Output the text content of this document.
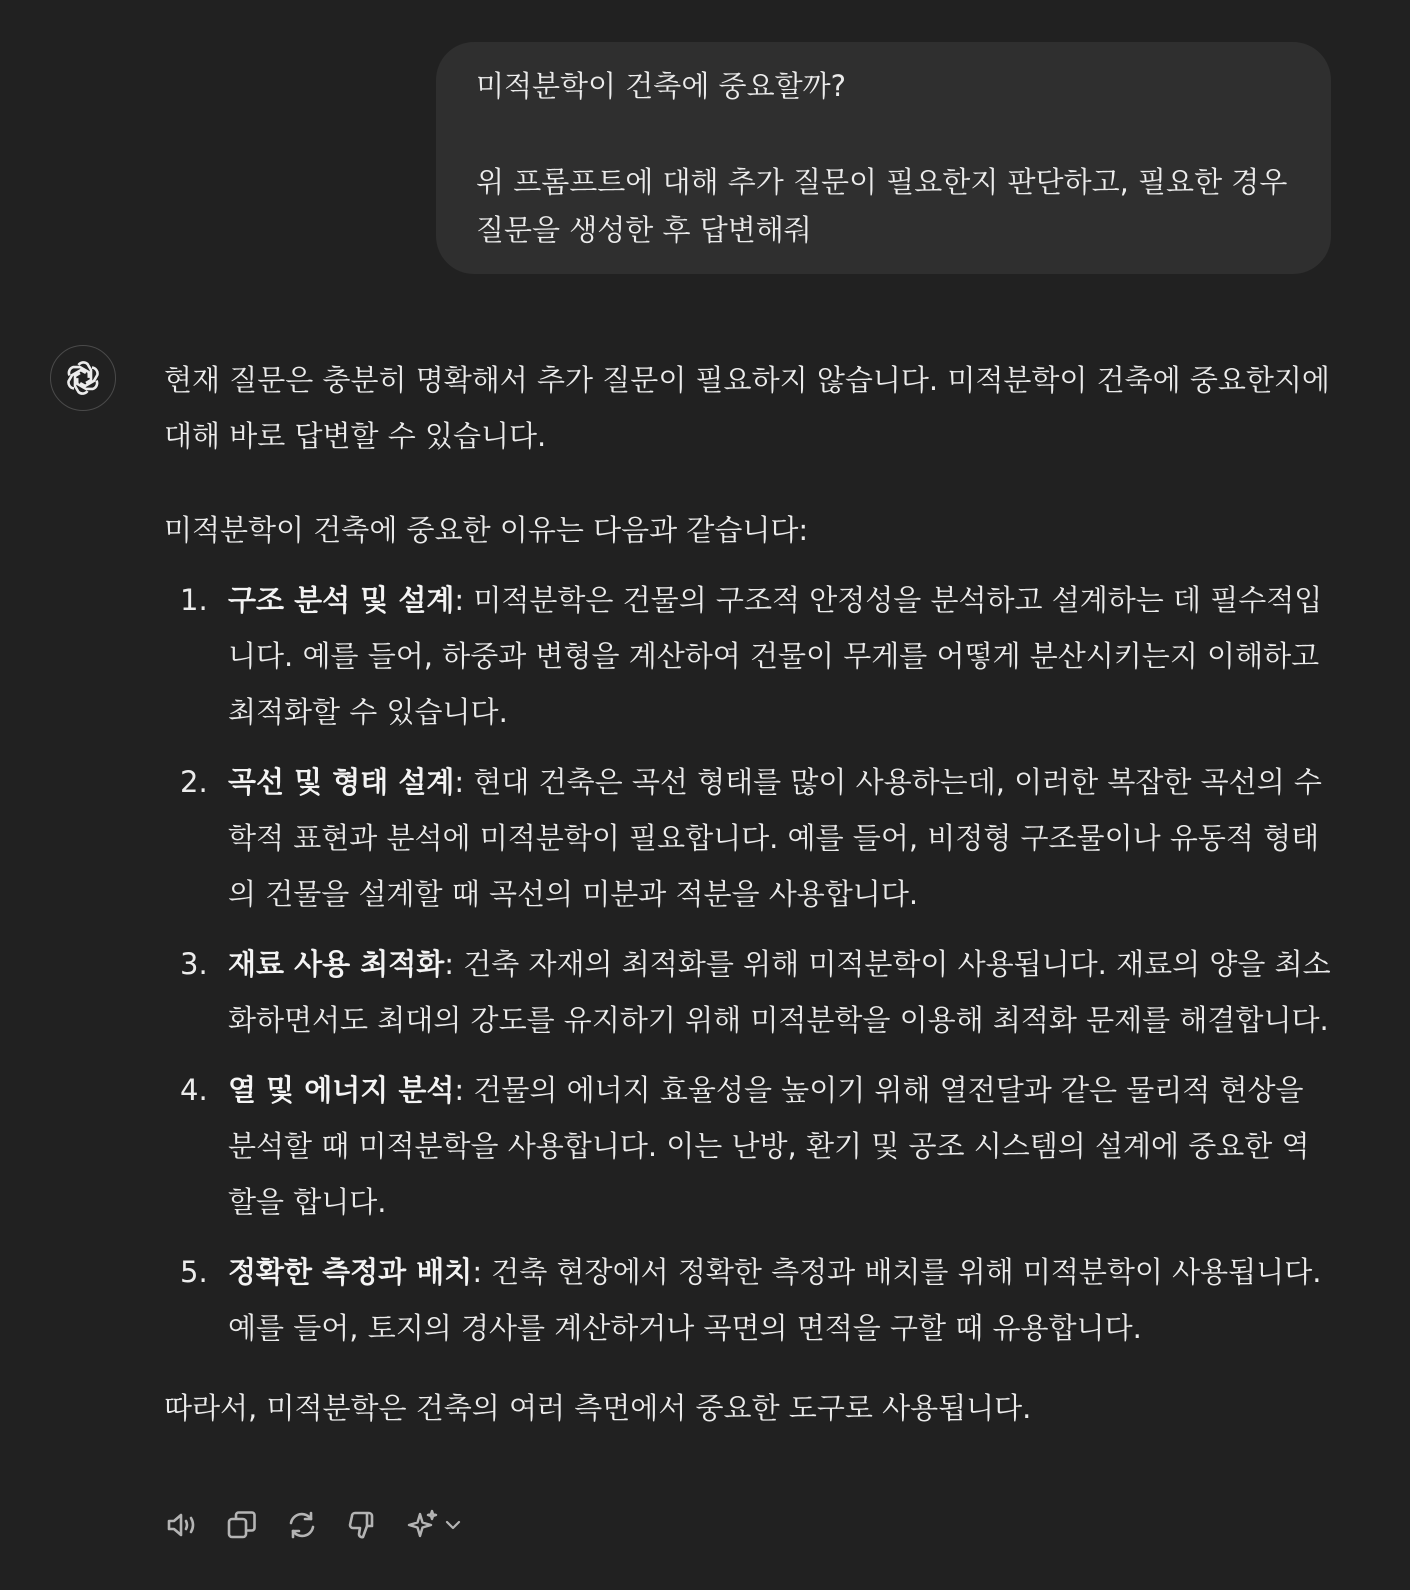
미적분학이 건축에 중요할까?

위 프롬프트에 대해 추가 질문이 필요한지 판단하고, 필요한 경우

질문을 생성한 후 답변해줘

현재 질문은 충분히 명확해서 추가 질문이 필요하지 않습니다. 미적분학이 건축에 중요한지에 대해 바로 답변할 수 있습니다.

미적분학이 건축에 중요한 이유는 다음과 같습니다:

1. 구조 분석 및 설계: 미적분학은 건물의 구조적 안정성을 분석하고 설계하는 데 필수적입니다. 예를 들어, 하중과 변형을 계산하여 건물이 무게를 어떻게 분산시키는지 이해하고 최적화할 수 있습니다.
2. 곡선 및 형태 설계: 현대 건축은 곡선 형태를 많이 사용하는데, 이러한 복잡한 곡선의 수학적 표현과 분석에 미적분학이 필요합니다. 예를 들어, 비정형 구조물이나 유동적 형태의 건물을 설계할 때 곡선의 미분과 적분을 사용합니다.
3. 재료 사용 최적화: 건축 자재의 최적화를 위해 미적분학이 사용됩니다. 재료의 양을 최소화하면서도 최대의 강도를 유지하기 위해 미적분학을 이용해 최적화 문제를 해결합니다.
4. 열 및 에너지 분석: 건물의 에너지 효율성을 높이기 위해 열전달과 같은 물리적 현상을 분석할 때 미적분학을 사용합니다. 이는 난방, 환기 및 공조 시스템의 설계에 중요한 역할을 합니다.
5. 정확한 측정과 배치: 건축 현장에서 정확한 측정과 배치를 위해 미적분학이 사용됩니다. 예를 들어, 토지의 경사를 계산하거나 곡면의 면적을 구할 때 유용합니다.

따라서, 미적분학은 건축의 여러 측면에서 중요한 도구로 사용됩니다.
